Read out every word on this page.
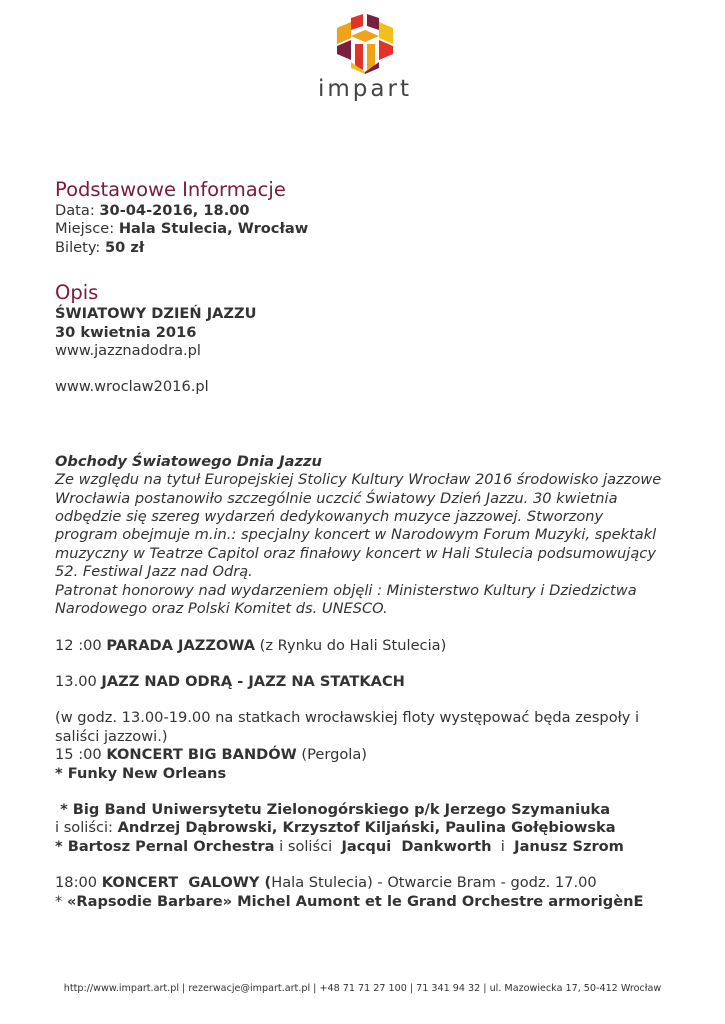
impart
Podstawowe Informacje

Data: 30-04-2016, 18.00

Miejsce: Hala Stulecia, Wrocław

Bilety: 50 zł

Opis

ŚWIATOWY DZIEŃ JAZZU

30 kwietnia 2016

www.jazznadodra.pl

www.wroclaw2016.pl

Obchody Światowego Dnia Jazzu

Ze względu na tytuł Europejskiej Stolicy Kultury Wrocław 2016 środowisko jazzowe

Wrocławia postanowiło szczególnie uczcić Światowy Dzień Jazzu. 30 kwietnia

odbędzie się szereg wydarzeń dedykowanych muzyce jazzowej. Stworzony

program obejmuje m.in.: specjalny koncert w Narodowym Forum Muzyki, spektakl

muzyczny w Teatrze Capitol oraz finałowy koncert w Hali Stulecia podsumowujący

52. Festiwal Jazz nad Odrą.

Patronat honorowy nad wydarzeniem objęli : Ministerstwo Kultury i Dziedzictwa

Narodowego oraz Polski Komitet ds. UNESCO.

12 :00 PARADA JAZZOWA (z Rynku do Hali Stulecia)

13.00 JAZZ NAD ODRĄ - JAZZ NA STATKACH

(w godz. 13.00-19.00 na statkach wrocławskiej floty występować będa zespoły i

saliści jazzowi.)

15 :00 KONCERT BIG BANDÓW (Pergola)

* Funky New Orleans

* Big Band Uniwersytetu Zielonogórskiego p/k Jerzego Szymaniuka

i soliści: Andrzej Dąbrowski, Krzysztof Kiljański, Paulina Gołębiowska

* Bartosz Pernal Orchestra i soliści  Jacqui  Dankworth  i  Janusz Szrom

18:00 KONCERT  GALOWY (Hala Stulecia) - Otwarcie Bram - godz. 17.00

* «Rapsodie Barbare» Michel Aumont et le Grand Orchestre armorigènE

http://www.impart.art.pl | rezerwacje@impart.art.pl | +48 71 71 27 100 | 71 341 94 32 | ul. Mazowiecka 17, 50-412 Wrocław
